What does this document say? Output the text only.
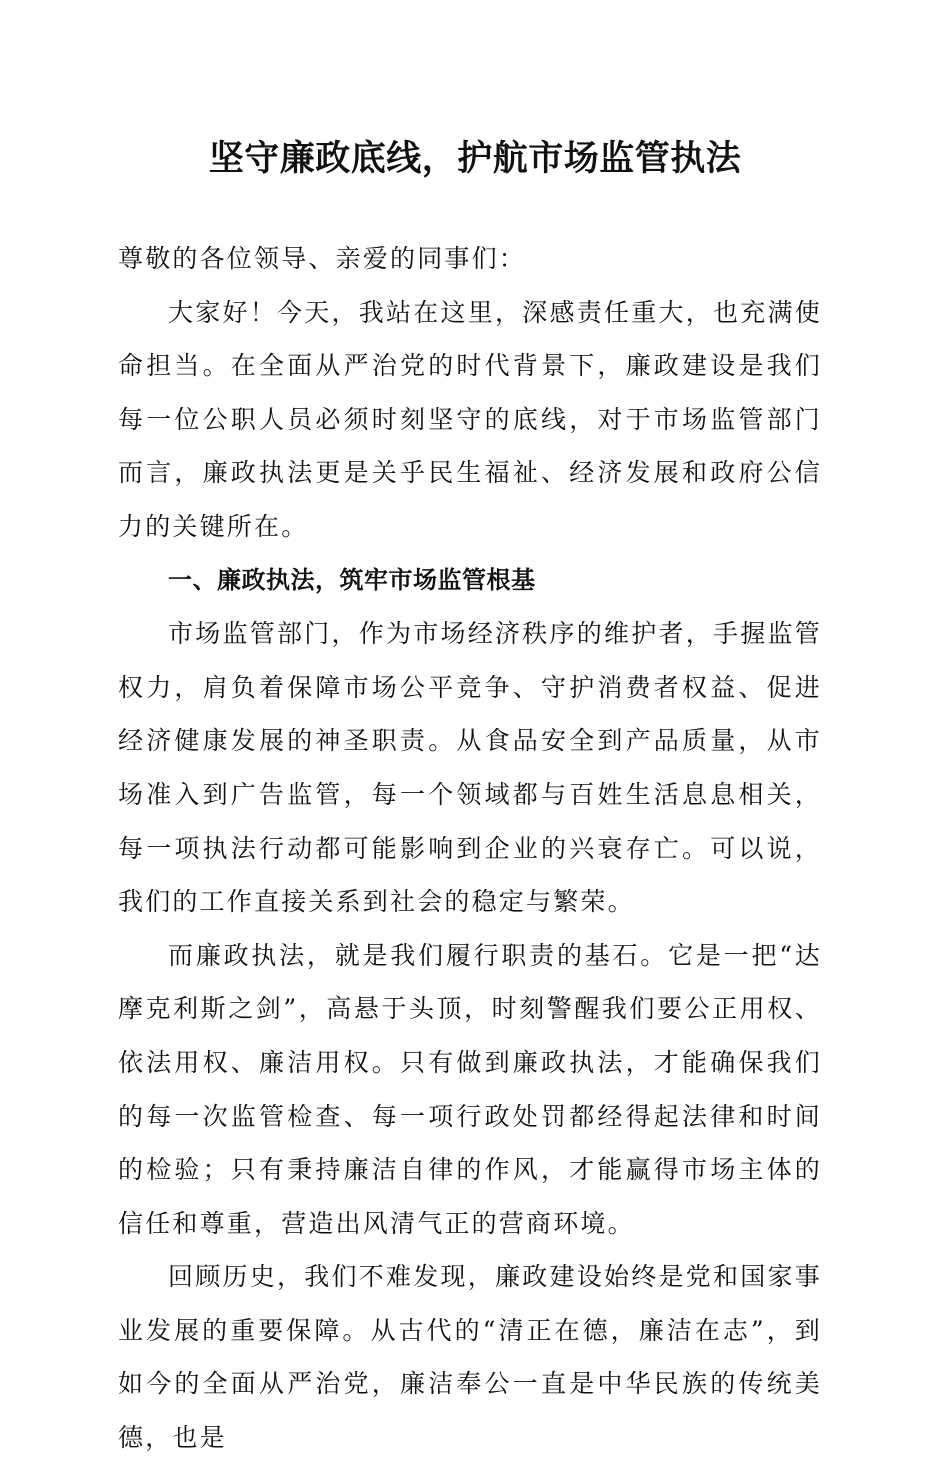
坚守廉政底线，护航市场监管执法

尊敬的各位领导、亲爱的同事们：

大家好！今天，我站在这里，深感责任重大，也充满使命担当。在全面从严治党的时代背景下，廉政建设是我们每一位公职人员必须时刻坚守的底线，对于市场监管部门而言，廉政执法更是关乎民生福祉、经济发展和政府公信力的关键所在。

一、廉政执法，筑牢市场监管根基

市场监管部门，作为市场经济秩序的维护者，手握监管权力，肩负着保障市场公平竞争、守护消费者权益、促进经济健康发展的神圣职责。从食品安全到产品质量，从市场准入到广告监管，每一个领域都与百姓生活息息相关，每一项执法行动都可能影响到企业的兴衰存亡。可以说，我们的工作直接关系到社会的稳定与繁荣。

而廉政执法，就是我们履行职责的基石。它是一把“达摩克利斯之剑”，高悬于头顶，时刻警醒我们要公正用权、依法用权、廉洁用权。只有做到廉政执法，才能确保我们的每一次监管检查、每一项行政处罚都经得起法律和时间的检验；只有秉持廉洁自律的作风，才能赢得市场主体的信任和尊重，营造出风清气正的营商环境。

回顾历史，我们不难发现，廉政建设始终是党和国家事业发展的重要保障。从古代的“清正在德，廉洁在志”，到如今的全面从严治党，廉洁奉公一直是中华民族的传统美德，也是
